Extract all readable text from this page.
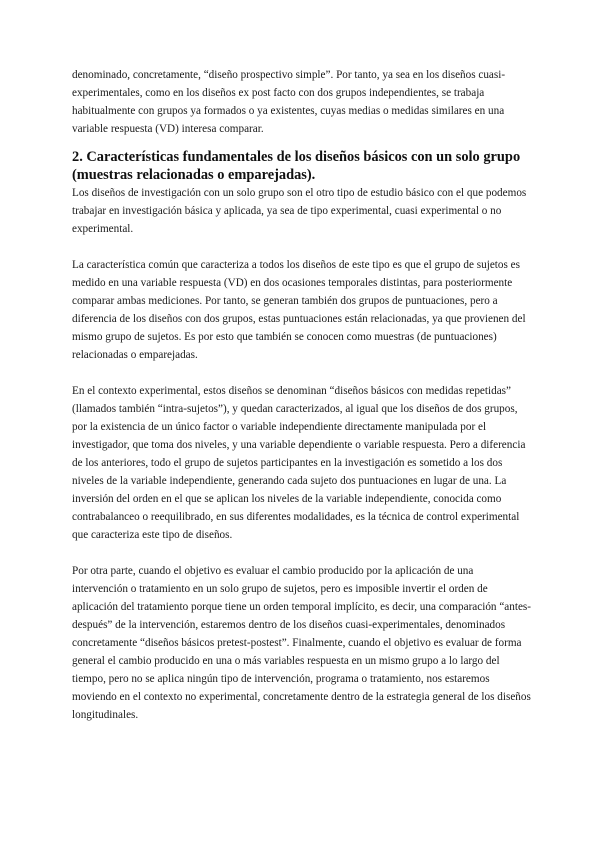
denominado, concretamente, “diseño prospectivo simple”. Por tanto, ya sea en los diseños cuasi-experimentales, como en los diseños ex post facto con dos grupos independientes, se trabaja habitualmente con grupos ya formados o ya existentes, cuyas medias o medidas similares en una variable respuesta (VD) interesa comparar.

2. Características fundamentales de los diseños básicos con un solo grupo (muestras relacionadas o emparejadas).

Los diseños de investigación con un solo grupo son el otro tipo de estudio básico con el que podemos trabajar en investigación básica y aplicada, ya sea de tipo experimental, cuasi experimental o no experimental.

La característica común que caracteriza a todos los diseños de este tipo es que el grupo de sujetos es medido en una variable respuesta (VD) en dos ocasiones temporales distintas, para posteriormente comparar ambas mediciones. Por tanto, se generan también dos grupos de puntuaciones, pero a diferencia de los diseños con dos grupos, estas puntuaciones están relacionadas, ya que provienen del mismo grupo de sujetos. Es por esto que también se conocen como muestras (de puntuaciones) relacionadas o emparejadas.

En el contexto experimental, estos diseños se denominan “diseños básicos con medidas repetidas” (llamados también “intra-sujetos”), y quedan caracterizados, al igual que los diseños de dos grupos, por la existencia de un único factor o variable independiente directamente manipulada por el investigador, que toma dos niveles, y una variable dependiente o variable respuesta. Pero a diferencia de los anteriores, todo el grupo de sujetos participantes en la investigación es sometido a los dos niveles de la variable independiente, generando cada sujeto dos puntuaciones en lugar de una. La inversión del orden en el que se aplican los niveles de la variable independiente, conocida como contrabalanceo o reequilibrado, en sus diferentes modalidades, es la técnica de control experimental que caracteriza este tipo de diseños.

Por otra parte, cuando el objetivo es evaluar el cambio producido por la aplicación de una intervención o tratamiento en un solo grupo de sujetos, pero es imposible invertir el orden de aplicación del tratamiento porque tiene un orden temporal implícito, es decir, una comparación “antes-después” de la intervención, estaremos dentro de los diseños cuasi-experimentales, denominados concretamente “diseños básicos pretest-postest”. Finalmente, cuando el objetivo es evaluar de forma general el cambio producido en una o más variables respuesta en un mismo grupo a lo largo del tiempo, pero no se aplica ningún tipo de intervención, programa o tratamiento, nos estaremos moviendo en el contexto no experimental, concretamente dentro de la estrategia general de los diseños longitudinales.
